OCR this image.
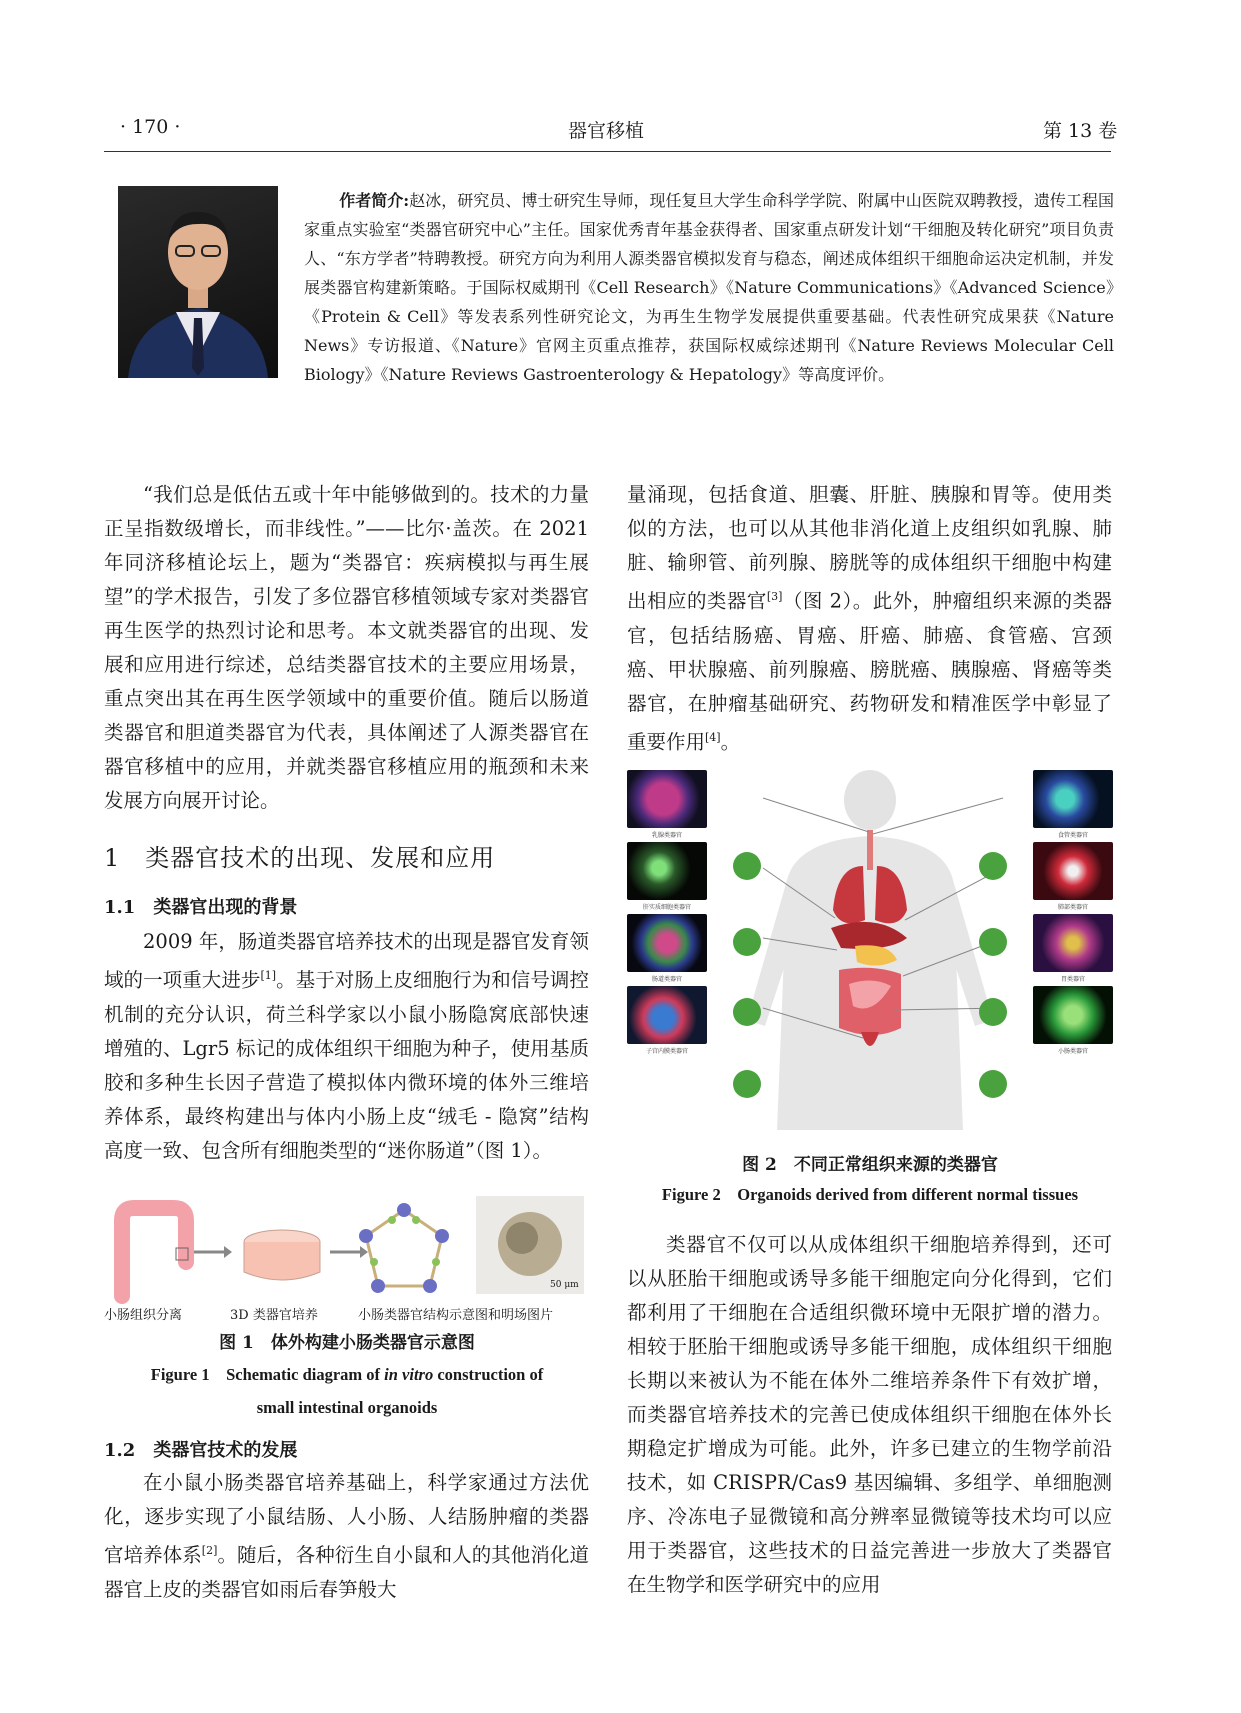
· 170 ·	器官移植	第 13 卷
作者简介:赵冰，研究员、博士研究生导师，现任复旦大学生命科学学院、附属中山医院双聘教授，遗传工程国家重点实验室“类器官研究中心”主任。国家优秀青年基金获得者、国家重点研发计划“干细胞及转化研究”项目负责人、“东方学者”特聘教授。研究方向为利用人源类器官模拟发育与稳态，阐述成体组织干细胞命运决定机制，并发展类器官构建新策略。于国际权威期刊《Cell Research》《Nature Communications》《Advanced Science》《Protein & Cell》等发表系列性研究论文，为再生生物学发展提供重要基础。代表性研究成果获《Nature News》专访报道、《Nature》官网主页重点推荐，获国际权威综述期刊《Nature Reviews Molecular Cell Biology》《Nature Reviews Gastroenterology & Hepatology》等高度评价。

“我们总是低估五或十年中能够做到的。技术的力量正呈指数级增长，而非线性。”——比尔·盖茨。在 2021 年同济移植论坛上，题为“类器官：疾病模拟与再生展望”的学术报告，引发了多位器官移植领域专家对类器官再生医学的热烈讨论和思考。本文就类器官的出现、发展和应用进行综述，总结类器官技术的主要应用场景，重点突出其在再生医学领域中的重要价值。随后以肠道类器官和胆道类器官为代表，具体阐述了人源类器官在器官移植中的应用，并就类器官移植应用的瓶颈和未来发展方向展开讨论。

1　类器官技术的出现、发展和应用
1.1　类器官出现的背景

2009 年，肠道类器官培养技术的出现是器官发育领域的一项重大进步[1]。基于对肠上皮细胞行为和信号调控机制的充分认识，荷兰科学家以小鼠小肠隐窝底部快速增殖的、Lgr5 标记的成体组织干细胞为种子，使用基质胶和多种生长因子营造了模拟体内微环境的体外三维培养体系，最终构建出与体内小肠上皮“绒毛 - 隐窝”结构高度一致、包含所有细胞类型的“迷你肠道”（图 1）。

50 μm
小肠组织分离	3D 类器官培养	小肠类器官结构示意图和明场图片
图 1　体外构建小肠类器官示意图
Figure 1　Schematic diagram of in vitro construction of
small intestinal organoids
1.2　类器官技术的发展

在小鼠小肠类器官培养基础上，科学家通过方法优化，逐步实现了小鼠结肠、人小肠、人结肠肿瘤的类器官培养体系[2]。随后，各种衍生自小鼠和人的其他消化道器官上皮的类器官如雨后春笋般大

量涌现，包括食道、胆囊、肝脏、胰腺和胃等。使用类似的方法，也可以从其他非消化道上皮组织如乳腺、肺脏、输卵管、前列腺、膀胱等的成体组织干细胞中构建出相应的类器官[3]（图 2）。此外，肿瘤组织来源的类器官，包括结肠癌、胃癌、肝癌、肺癌、食管癌、宫颈癌、甲状腺癌、前列腺癌、膀胱癌、胰腺癌、肾癌等类器官，在肿瘤基础研究、药物研发和精准医学中彰显了重要作用[4]。

乳腺类器官
肝实质细胞类器官
肠道类器官
子宫内膜类器官
食管类器官
肺部类器官
胃类器官
小肠类器官
图 2　不同正常组织来源的类器官
Figure 2　Organoids derived from different normal tissues

类器官不仅可以从成体组织干细胞培养得到，还可以从胚胎干细胞或诱导多能干细胞定向分化得到，它们都利用了干细胞在合适组织微环境中无限扩增的潜力。相较于胚胎干细胞或诱导多能干细胞，成体组织干细胞长期以来被认为不能在体外二维培养条件下有效扩增，而类器官培养技术的完善已使成体组织干细胞在体外长期稳定扩增成为可能。此外，许多已建立的生物学前沿技术，如 CRISPR/Cas9 基因编辑、多组学、单细胞测序、冷冻电子显微镜和高分辨率显微镜等技术均可以应用于类器官，这些技术的日益完善进一步放大了类器官在生物学和医学研究中的应用
